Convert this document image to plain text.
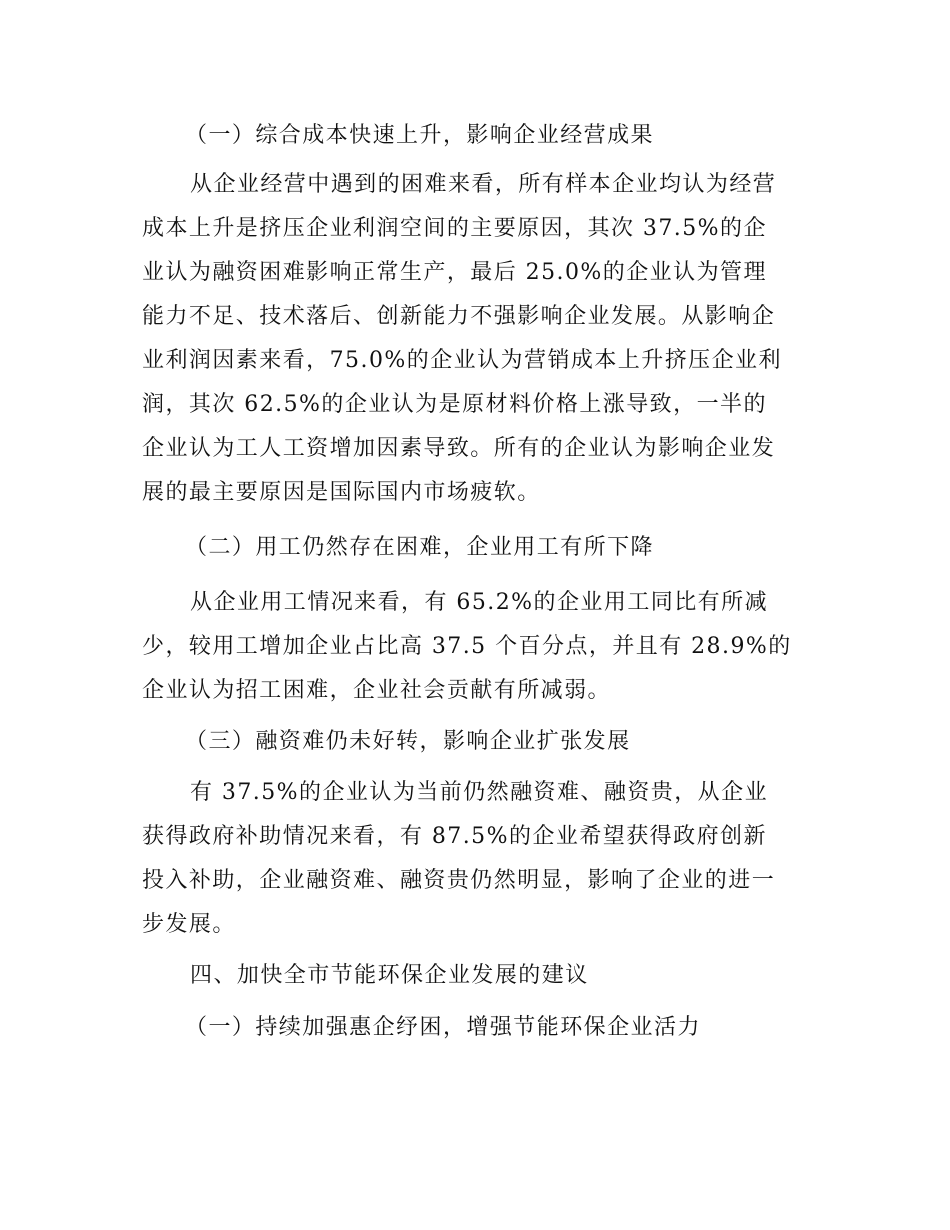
（一）综合成本快速上升，影响企业经营成果
从企业经营中遇到的困难来看，所有样本企业均认为经营
成本上升是挤压企业利润空间的主要原因，其次 37.5%的企
业认为融资困难影响正常生产，最后 25.0%的企业认为管理
能力不足、技术落后、创新能力不强影响企业发展。从影响企
业利润因素来看，75.0%的企业认为营销成本上升挤压企业利
润，其次 62.5%的企业认为是原材料价格上涨导致，一半的
企业认为工人工资增加因素导致。所有的企业认为影响企业发
展的最主要原因是国际国内市场疲软。
（二）用工仍然存在困难，企业用工有所下降
从企业用工情况来看，有 65.2%的企业用工同比有所减
少，较用工增加企业占比高 37.5 个百分点，并且有 28.9%的
企业认为招工困难，企业社会贡献有所减弱。
（三）融资难仍未好转，影响企业扩张发展
有 37.5%的企业认为当前仍然融资难、融资贵，从企业
获得政府补助情况来看，有 87.5%的企业希望获得政府创新
投入补助，企业融资难、融资贵仍然明显，影响了企业的进一
步发展。
四、加快全市节能环保企业发展的建议
（一）持续加强惠企纾困，增强节能环保企业活力
